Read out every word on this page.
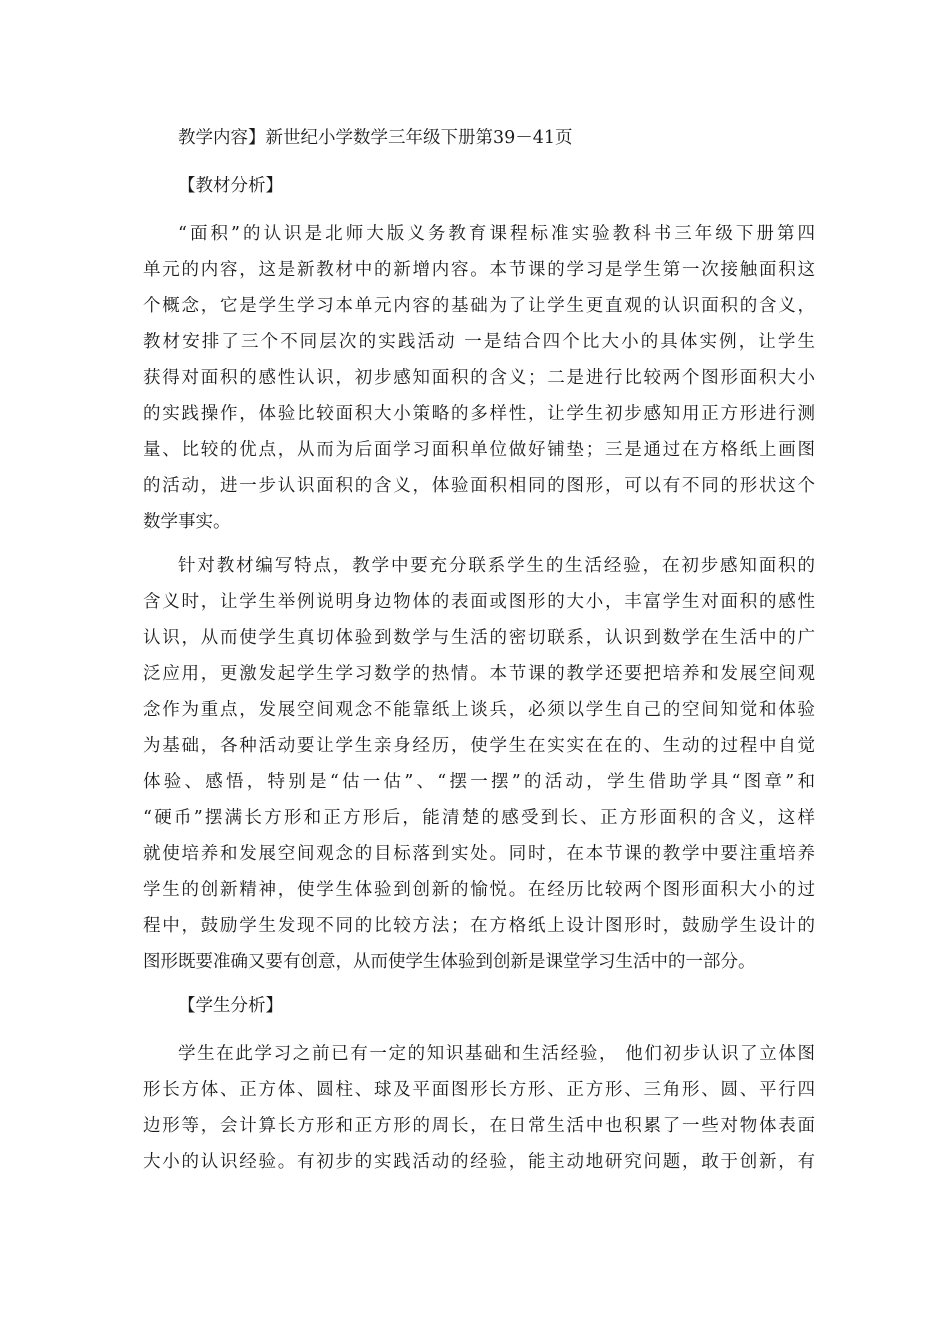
教学内容】新世纪小学数学三年级下册第39－41页

【教材分析】

“面积”的认识是北师大版义务教育课程标准实验教科书三年级下册第四
单元的内容，这是新教材中的新增内容。本节课的学习是学生第一次接触面积这
个概念，它是学生学习本单元内容的基础为了让学生更直观的认识面积的含义，
教材安排了三个不同层次的实践活动 一是结合四个比大小的具体实例，让学生
获得对面积的感性认识，初步感知面积的含义；二是进行比较两个图形面积大小
的实践操作，体验比较面积大小策略的多样性，让学生初步感知用正方形进行测
量、比较的优点，从而为后面学习面积单位做好铺垫；三是通过在方格纸上画图
的活动，进一步认识面积的含义，体验面积相同的图形，可以有不同的形状这个
数学事实。
针对教材编写特点，教学中要充分联系学生的生活经验，在初步感知面积的
含义时，让学生举例说明身边物体的表面或图形的大小，丰富学生对面积的感性
认识，从而使学生真切体验到数学与生活的密切联系，认识到数学在生活中的广
泛应用，更激发起学生学习数学的热情。本节课的教学还要把培养和发展空间观
念作为重点，发展空间观念不能靠纸上谈兵，必须以学生自己的空间知觉和体验
为基础，各种活动要让学生亲身经历，使学生在实实在在的、生动的过程中自觉
体验、感悟，特别是“估一估”、“摆一摆”的活动，学生借助学具“图章”和
“硬币”摆满长方形和正方形后，能清楚的感受到长、正方形面积的含义，这样
就使培养和发展空间观念的目标落到实处。同时，在本节课的教学中要注重培养
学生的创新精神，使学生体验到创新的愉悦。在经历比较两个图形面积大小的过
程中，鼓励学生发现不同的比较方法；在方格纸上设计图形时，鼓励学生设计的
图形既要准确又要有创意，从而使学生体验到创新是课堂学习生活中的一部分。

【学生分析】

学生在此学习之前已有一定的知识基础和生活经验， 他们初步认识了立体图
形长方体、正方体、圆柱、球及平面图形长方形、正方形、三角形、圆、平行四
边形等，会计算长方形和正方形的周长，在日常生活中也积累了一些对物体表面
大小的认识经验。有初步的实践活动的经验，能主动地研究问题，敢于创新，有
